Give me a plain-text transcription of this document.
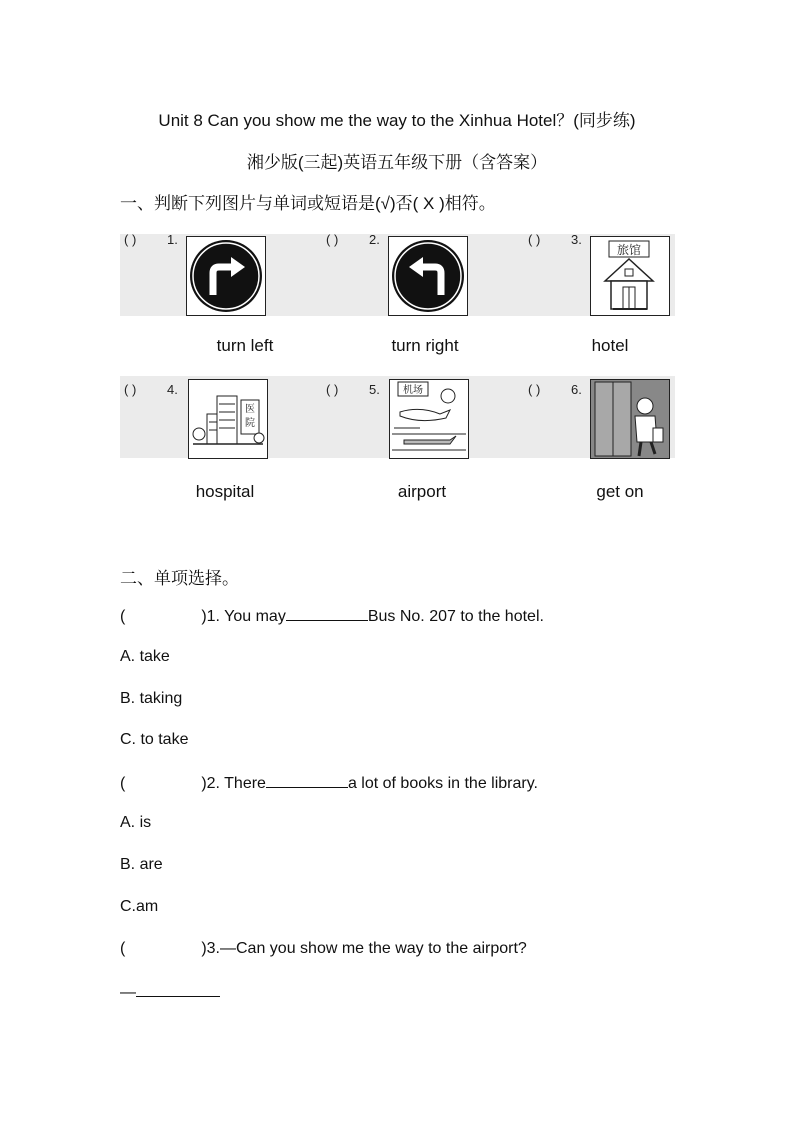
Unit 8 Can you show me the way to the Xinhua Hotel？(同步练)
湘少版(三起)英语五年级下册（含答案）
一、判断下列图片与单词或短语是(√)否( X )相符。
( ) 1.
turn left
( ) 2.
turn right
( ) 3.
旅馆
hotel
( ) 4.
医
院
hospital
( ) 5. 机场
airport
( ) 6.
get on
二、单项选择。
(	)1. You may	Bus No. 207 to the hotel.
A. take
B. taking
C. to take
(	)2. There	a lot of books in the library.
A. is
B. are
C.am
(	)3.—Can you show me the way to the airport?
—
